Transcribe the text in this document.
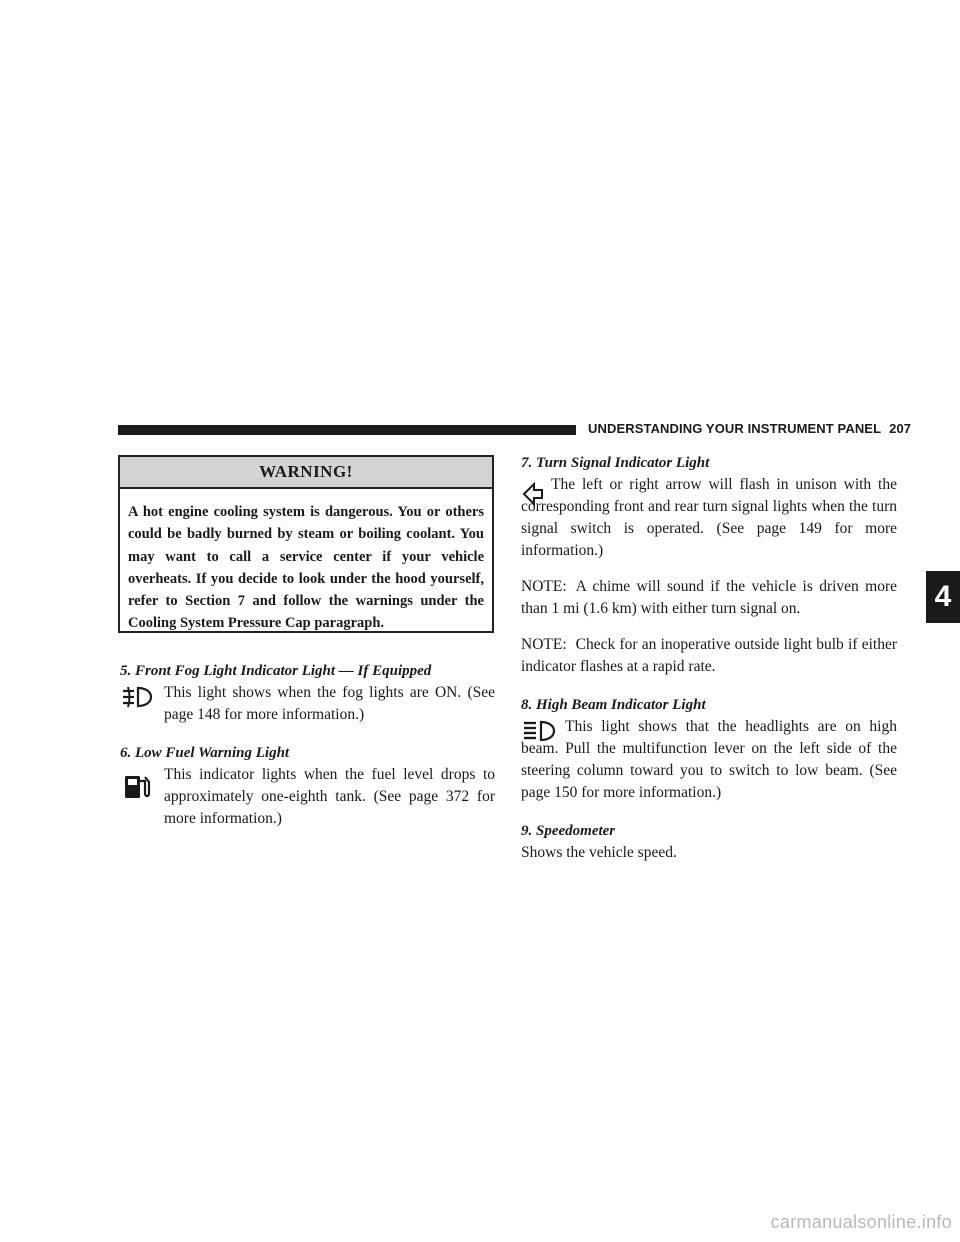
UNDERSTANDING YOUR INSTRUMENT PANEL 207
WARNING!
A hot engine cooling system is dangerous. You or others could be badly burned by steam or boiling coolant. You may want to call a service center if your vehicle overheats. If you decide to look under the hood yourself, refer to Section 7 and follow the warnings under the Cooling System Pressure Cap paragraph.
5. Front Fog Light Indicator Light — If Equipped
This light shows when the fog lights are ON. (See page 148 for more information.)
6. Low Fuel Warning Light
This indicator lights when the fuel level drops to approximately one-eighth tank. (See page 372 for more information.)
7. Turn Signal Indicator Light
The left or right arrow will flash in unison with the corresponding front and rear turn signal lights when the turn signal switch is operated. (See page 149 for more information.)
NOTE: A chime will sound if the vehicle is driven more than 1 mi (1.6 km) with either turn signal on.
NOTE: Check for an inoperative outside light bulb if either indicator flashes at a rapid rate.
8. High Beam Indicator Light
This light shows that the headlights are on high beam. Pull the multifunction lever on the left side of the steering column toward you to switch to low beam. (See page 150 for more information.)
9. Speedometer
Shows the vehicle speed.
4
carmanualsonline.info
